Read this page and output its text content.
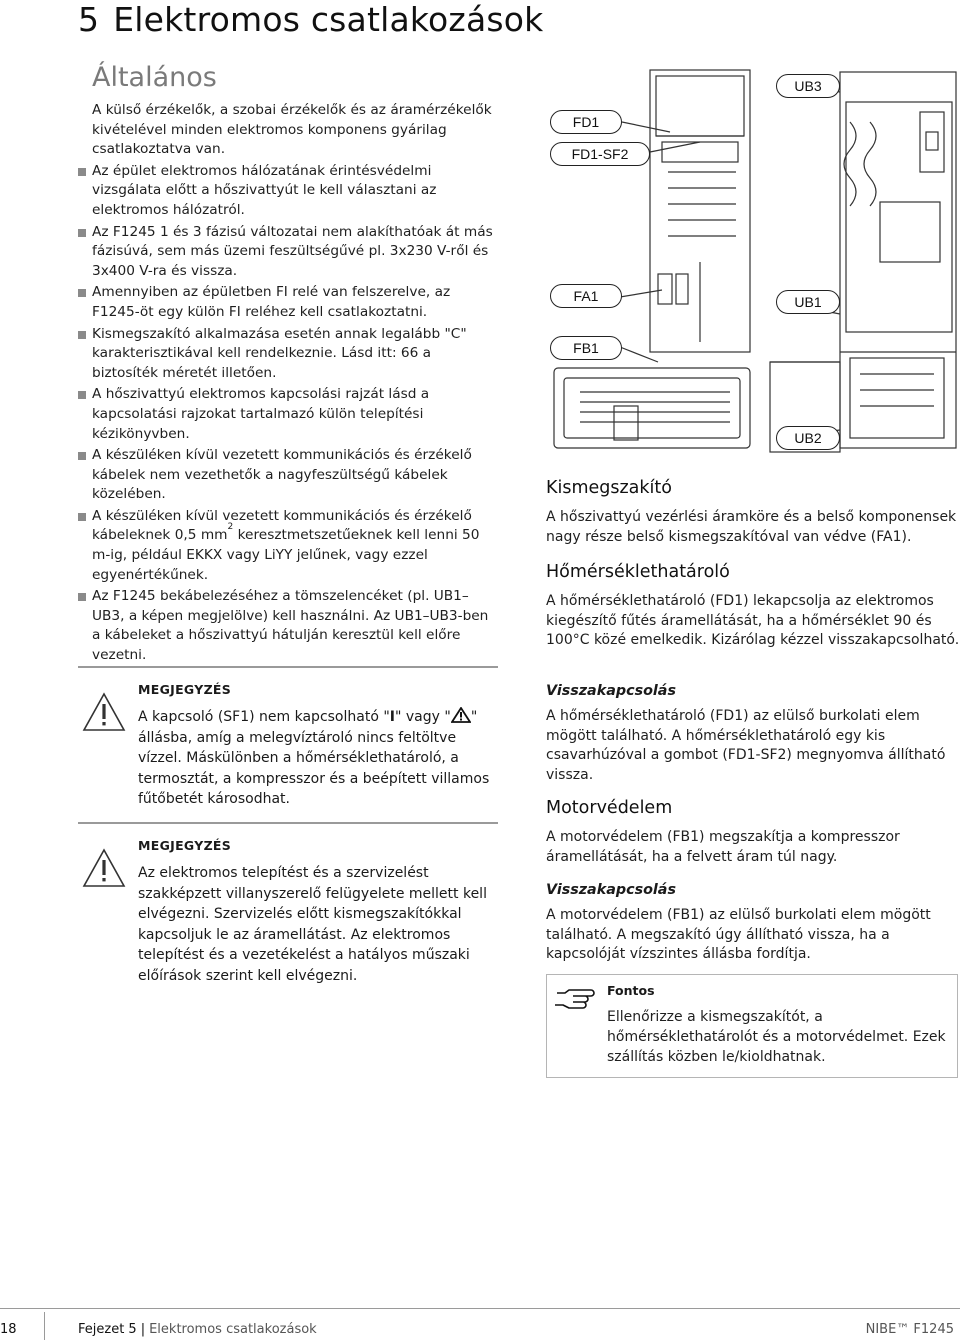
5 Elektromos csatlakozások
Általános

A külső érzékelők, a szobai érzékelők és az áramérzékelők kivételével minden elektromos komponens gyárilag csatlakoztatva van.

Az épület elektromos hálózatának érintésvédelmi vizsgálata előtt a hőszivattyút le kell választani az elektromos hálózatról.
Az F1245 1 és 3 fázisú változatai nem alakíthatóak át más fázisúvá, sem más üzemi feszültségűvé pl. 3x230 V-ről és 3x400 V-ra és vissza.
Amennyiben az épületben FI relé van felszerelve, az F1245-öt egy külön FI reléhez kell csatlakoztatni.
Kismegszakító alkalmazása esetén annak legalább "C" karakterisztikával kell rendelkeznie. Lásd itt: 66 a biztosíték méretét illetően.
A hőszivattyú elektromos kapcsolási rajzát lásd a kapcsolatási rajzokat tartalmazó külön telepítési kézikönyvben.
A készüléken kívül vezetett kommunikációs és érzékelő kábelek nem vezethetők a nagyfeszültségű kábelek közelében.
A készüléken kívül vezetett kommunikációs és érzékelő kábeleknek 0,5 $mm^2$ keresztmetszetűeknek kell lenni 50 m-ig, például EKKX vagy LiYY jelűnek, vagy ezzel egyenértékűnek.
Az F1245 bekábelezéséhez a tömszelencéket (pl. UB1–UB3, a képen megjelölve) kell használni. Az UB1–UB3-ben a kábeleket a hőszivattyú hátulján keresztül kell előre vezetni.
MEGJEGYZÉS

A kapcsoló (SF1) nem kapcsolható "I" vagy " " állásba, amíg a melegvíztároló nincs feltöltve vízzel. Máskülönben a hőmérséklethatároló, a termosztát, a kompresszor és a beépített villamos fűtőbetét károsodhat.

MEGJEGYZÉS

Az elektromos telepítést és a szervizelést szakképzett villanyszerelő felügyelete mellett kell elvégezni. Szervizelés előtt kismegszakítókkal kapcsoljuk le az áramellátást. Az elektromos telepítést és a vezetékelést a hatályos műszaki előírások szerint kell elvégezni.

UB3
FD1
FD1-SF2
FA1	UB1
FB1
UB2
Kismegszakító

A hőszivattyú vezérlési áramköre és a belső komponensek nagy része belső kismegszakítóval van védve (FA1).

Hőmérséklethatároló

A hőmérséklethatároló (FD1) lekapcsolja az elektromos kiegészítő fűtés áramellátását, ha a hőmérséklet 90 és 100°C közé emelkedik. Kizárólag kézzel visszakapcsolható.

Visszakapcsolás

A hőmérséklethatároló (FD1) az elülső burkolati elem mögött található. A hőmérséklethatároló egy kis csavarhúzóval a gombot (FD1-SF2) megnyomva állítható vissza.

Motorvédelem

A motorvédelem (FB1) megszakítja a kompresszor áramellátását, ha a felvett áram túl nagy.

Visszakapcsolás

A motorvédelem (FB1) az elülső burkolati elem mögött található. A megszakító úgy állítható vissza, ha a kapcsolóját vízszintes állásba fordítja.

Fontos

Ellenőrizze a kismegszakítót, a hőmérséklethatárolót és a motorvédelmet. Ezek szállítás közben le/kioldhatnak.

18	Fejezet 5 | Elektromos csatlakozások	NIBE™ F1245
